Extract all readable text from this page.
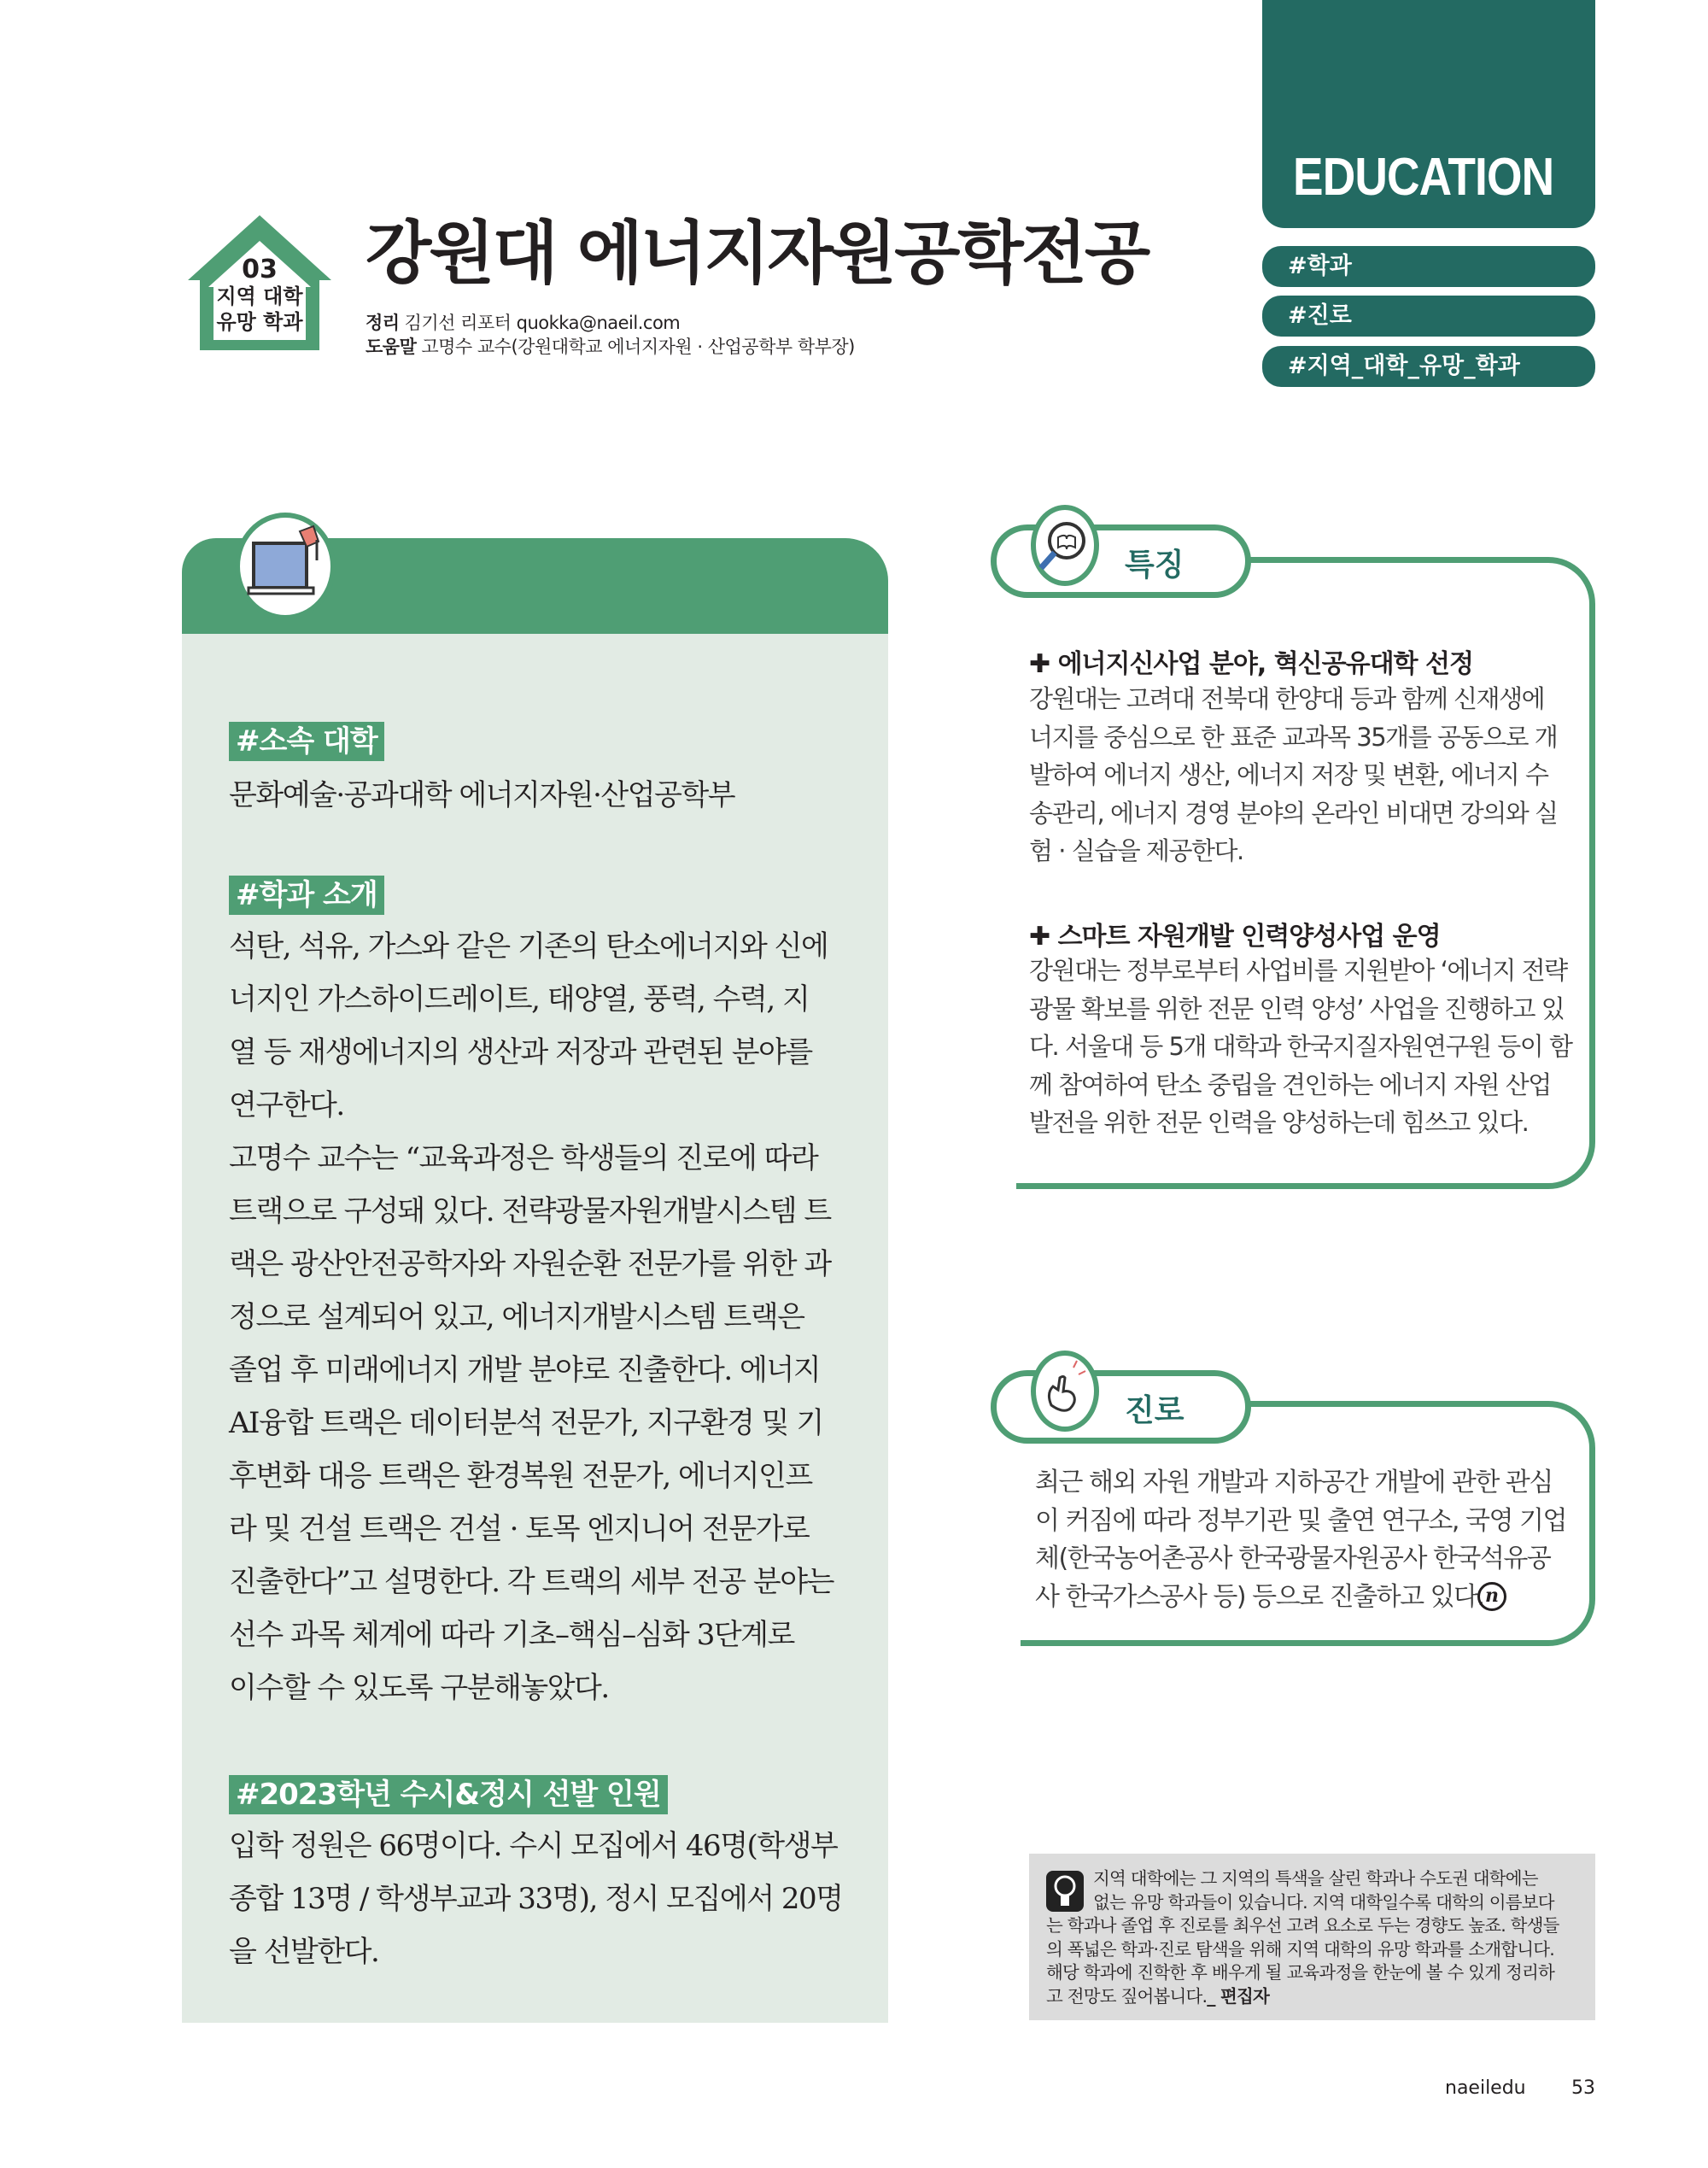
EDUCATION
#학과
#진로
#지역_대학_유망_학과
03
지역 대학
유망 학과
강원대 에너지자원공학전공
정리 김기선 리포터 quokka@naeil.com
도움말 고명수 교수(강원대학교 에너지자원 · 산업공학부 학부장)
#소속 대학
문화예술·공과대학 에너지자원·산업공학부
#학과 소개
석탄, 석유, 가스와 같은 기존의 탄소에너지와 신에
너지인 가스하이드레이트, 태양열, 풍력, 수력, 지
열 등 재생에너지의 생산과 저장과 관련된 분야를
연구한다.
고명수 교수는 “교육과정은 학생들의 진로에 따라
트랙으로 구성돼 있다. 전략광물자원개발시스템 트
랙은 광산안전공학자와 자원순환 전문가를 위한 과
정으로 설계되어 있고, 에너지개발시스템 트랙은
졸업 후 미래에너지 개발 분야로 진출한다. 에너지
AI융합 트랙은 데이터분석 전문가, 지구환경 및 기
후변화 대응 트랙은 환경복원 전문가, 에너지인프
라 및 건설 트랙은 건설 · 토목 엔지니어 전문가로
진출한다”고 설명한다. 각 트랙의 세부 전공 분야는
선수 과목 체계에 따라 기초–핵심–심화 3단계로
이수할 수 있도록 구분해놓았다.
#2023학년 수시&정시 선발 인원
입학 정원은 66명이다. 수시 모집에서 46명(학생부
종합 13명 / 학생부교과 33명), 정시 모집에서 20명
을 선발한다.
특징
✚ 에너지신사업 분야, 혁신공유대학 선정
강원대는 고려대 전북대 한양대 등과 함께 신재생에
너지를 중심으로 한 표준 교과목 35개를 공동으로 개
발하여 에너지 생산, 에너지 저장 및 변환, 에너지 수
송관리, 에너지 경영 분야의 온라인 비대면 강의와 실
험 · 실습을 제공한다.
✚ 스마트 자원개발 인력양성사업 운영
강원대는 정부로부터 사업비를 지원받아 ‘에너지 전략
광물 확보를 위한 전문 인력 양성’ 사업을 진행하고 있
다. 서울대 등 5개 대학과 한국지질자원연구원 등이 함
께 참여하여 탄소 중립을 견인하는 에너지 자원 산업
발전을 위한 전문 인력을 양성하는데 힘쓰고 있다.
진로
최근 해외 자원 개발과 지하공간 개발에 관한 관심
이 커짐에 따라 정부기관 및 출연 연구소, 국영 기업
체(한국농어촌공사 한국광물자원공사 한국석유공
사 한국가스공사 등) 등으로 진출하고 있다. n
지역 대학에는 그 지역의 특색을 살린 학과나 수도권 대학에는
없는 유망 학과들이 있습니다. 지역 대학일수록 대학의 이름보다
는 학과나 졸업 후 진로를 최우선 고려 요소로 두는 경향도 높죠. 학생들
의 폭넓은 학과·진로 탐색을 위해 지역 대학의 유망 학과를 소개합니다.
해당 학과에 진학한 후 배우게 될 교육과정을 한눈에 볼 수 있게 정리하
고 전망도 짚어봅니다._ 편집자
naeiledu 53
